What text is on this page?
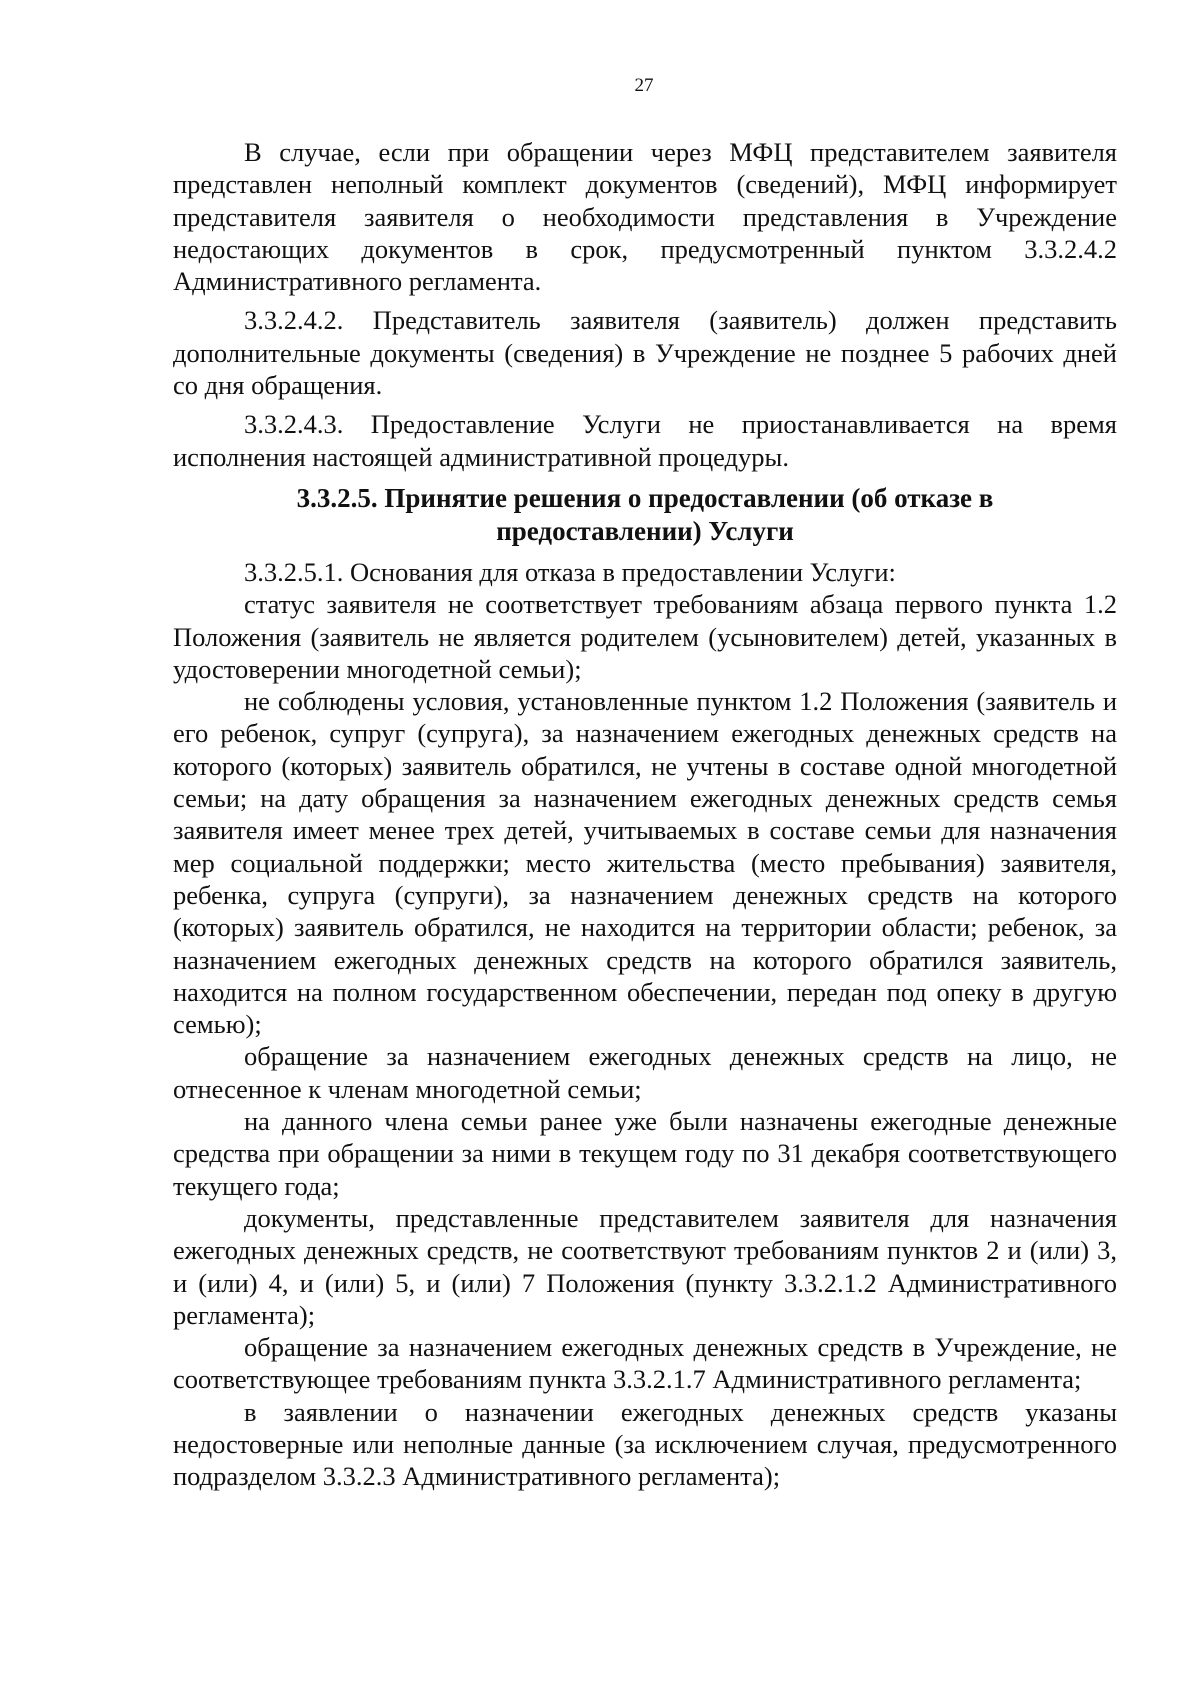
27

В случае, если при обращении через МФЦ представителем заявителя представлен неполный комплект документов (сведений), МФЦ информирует представителя заявителя о необходимости представления в Учреждение недостающих документов в срок, предусмотренный пунктом 3.3.2.4.2 Административного регламента.

3.3.2.4.2. Представитель заявителя (заявитель) должен представить дополнительные документы (сведения) в Учреждение не позднее 5 рабочих дней со дня обращения.

3.3.2.4.3. Предоставление Услуги не приостанавливается на время исполнения настоящей административной процедуры.

3.3.2.5. Принятие решения о предоставлении (об отказе в
предоставлении) Услуги

3.3.2.5.1. Основания для отказа в предоставлении Услуги:

статус заявителя не соответствует требованиям абзаца первого пункта 1.2 Положения (заявитель не является родителем (усыновителем) детей, указанных в удостоверении многодетной семьи);

не соблюдены условия, установленные пунктом 1.2 Положения (заявитель и его ребенок, супруг (супруга), за назначением ежегодных денежных средств на которого (которых) заявитель обратился, не учтены в составе одной многодетной семьи; на дату обращения за назначением ежегодных денежных средств семья заявителя имеет менее трех детей, учитываемых в составе семьи для назначения мер социальной поддержки; место жительства (место пребывания) заявителя, ребенка, супруга (супруги), за назначением денежных средств на которого (которых) заявитель обратился, не находится на территории области; ребенок, за назначением ежегодных денежных средств на которого обратился заявитель, находится на полном государственном обеспечении, передан под опеку в другую семью);

обращение за назначением ежегодных денежных средств на лицо, не отнесенное к членам многодетной семьи;

на данного члена семьи ранее уже были назначены ежегодные денежные средства при обращении за ними в текущем году по 31 декабря соответствующего текущего года;

документы, представленные представителем заявителя для назначения ежегодных денежных средств, не соответствуют требованиям пунктов 2 и (или) 3, и (или) 4, и (или) 5, и (или) 7 Положения (пункту 3.3.2.1.2 Административного регламента);

обращение за назначением ежегодных денежных средств в Учреждение, не соответствующее требованиям пункта 3.3.2.1.7 Административного регламента;

в заявлении о назначении ежегодных денежных средств указаны недостоверные или неполные данные (за исключением случая, предусмотренного подразделом 3.3.2.3 Административного регламента);
